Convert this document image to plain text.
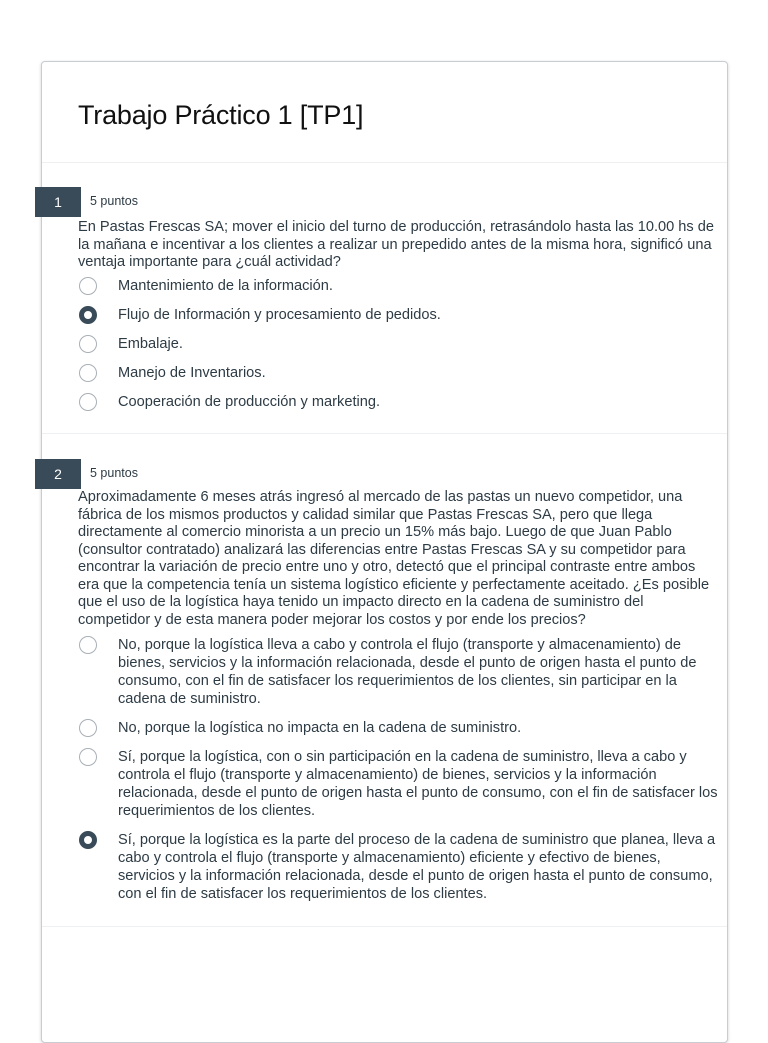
Trabajo Práctico 1 [TP1]
1	5 puntos

En Pastas Frescas SA; mover el inicio del turno de producción, retrasándolo hasta las 10.00 hs de la mañana e incentivar a los clientes a realizar un prepedido antes de la misma hora, significó una ventaja importante para ¿cuál actividad?

Mantenimiento de la información.
Flujo de Información y procesamiento de pedidos.
Embalaje.
Manejo de Inventarios.
Cooperación de producción y marketing.
2	5 puntos

Aproximadamente 6 meses atrás ingresó al mercado de las pastas un nuevo competidor, una fábrica de los mismos productos y calidad similar que Pastas Frescas SA, pero que llega directamente al comercio minorista a un precio un 15% más bajo. Luego de que Juan Pablo (consultor contratado) analizará las diferencias entre Pastas Frescas SA y su competidor para encontrar la variación de precio entre uno y otro, detectó que el principal contraste entre ambos era que la competencia tenía un sistema logístico eficiente y perfectamente aceitado. ¿Es posible que el uso de la logística haya tenido un impacto directo en la cadena de suministro del competidor y de esta manera poder mejorar los costos y por ende los precios?

No, porque la logística lleva a cabo y controla el flujo (transporte y almacenamiento) de bienes, servicios y la información relacionada, desde el punto de origen hasta el punto de consumo, con el fin de satisfacer los requerimientos de los clientes, sin participar en la cadena de suministro.
No, porque la logística no impacta en la cadena de suministro.
Sí, porque la logística, con o sin participación en la cadena de suministro, lleva a cabo y controla el flujo (transporte y almacenamiento) de bienes, servicios y la información relacionada, desde el punto de origen hasta el punto de consumo, con el fin de satisfacer los requerimientos de los clientes.
Sí, porque la logística es la parte del proceso de la cadena de suministro que planea, lleva a cabo y controla el flujo (transporte y almacenamiento) eficiente y efectivo de bienes, servicios y la información relacionada, desde el punto de origen hasta el punto de consumo, con el fin de satisfacer los requerimientos de los clientes.
